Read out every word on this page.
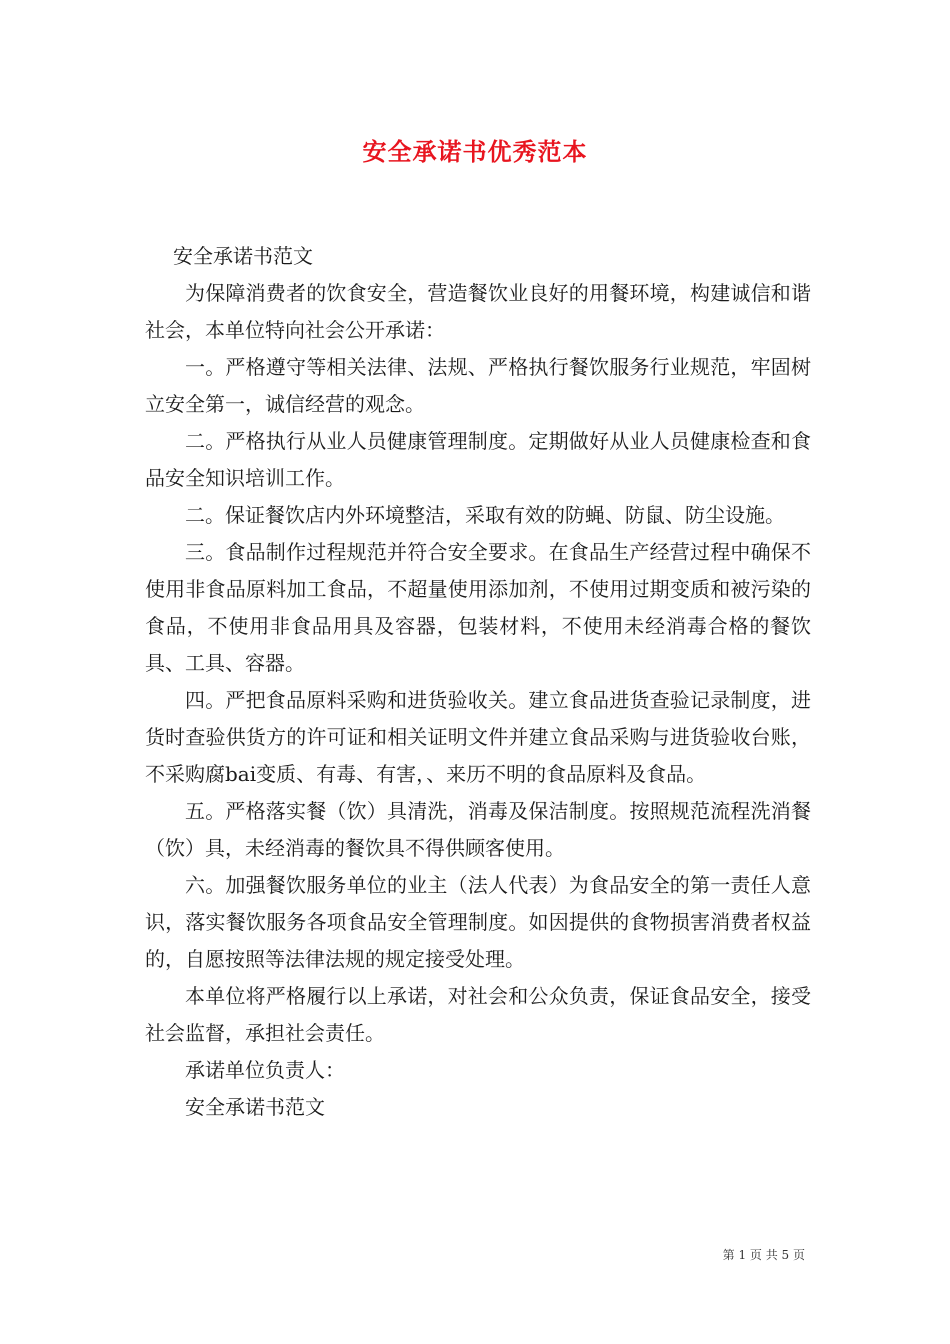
安全承诺书优秀范本

安全承诺书范文

为保障消费者的饮食安全，营造餐饮业良好的用餐环境，构建诚信和谐社会，本单位特向社会公开承诺：

一。严格遵守等相关法律、法规、严格执行餐饮服务行业规范，牢固树立安全第一，诚信经营的观念。

二。严格执行从业人员健康管理制度。定期做好从业人员健康检查和食品安全知识培训工作。

二。保证餐饮店内外环境整洁，采取有效的防蝇、防鼠、防尘设施。

三。食品制作过程规范并符合安全要求。在食品生产经营过程中确保不使用非食品原料加工食品，不超量使用添加剂，不使用过期变质和被污染的食品，不使用非食品用具及容器，包装材料，不使用未经消毒合格的餐饮具、工具、容器。

四。严把食品原料采购和进货验收关。建立食品进货查验记录制度，进货时查验供货方的许可证和相关证明文件并建立食品采购与进货验收台账，不采购腐bai变质、有毒、有害，、来历不明的食品原料及食品。

五。严格落实餐（饮）具清洗，消毒及保洁制度。按照规范流程洗消餐（饮）具，未经消毒的餐饮具不得供顾客使用。

六。加强餐饮服务单位的业主（法人代表）为食品安全的第一责任人意识，落实餐饮服务各项食品安全管理制度。如因提供的食物损害消费者权益的，自愿按照等法律法规的规定接受处理。

本单位将严格履行以上承诺，对社会和公众负责，保证食品安全，接受社会监督，承担社会责任。

承诺单位负责人：

安全承诺书范文

第 1 页 共 5 页
